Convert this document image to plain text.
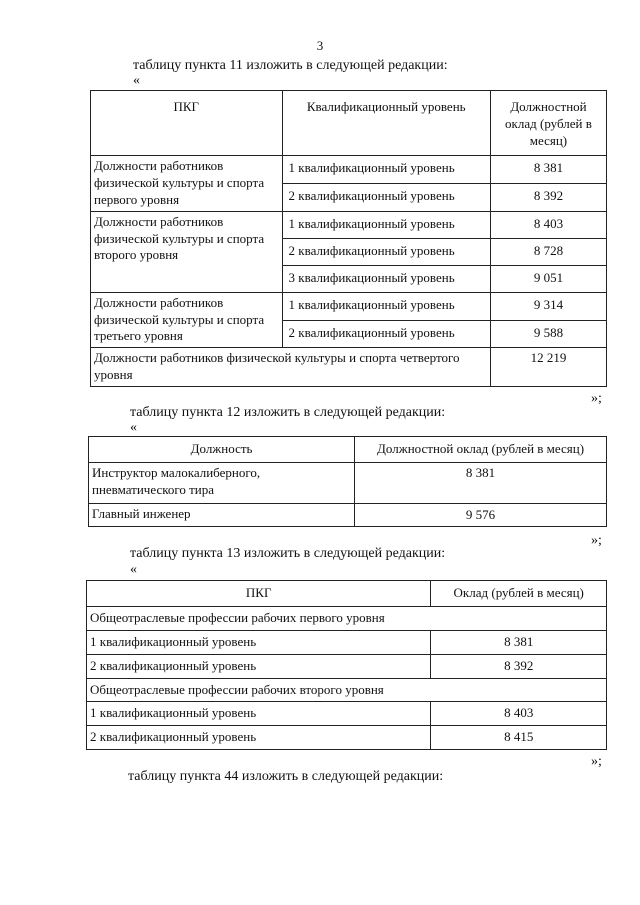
3
таблицу пункта 11 изложить в следующей редакции:
«
ПКГ	Квалификационный уровень	Должностной оклад (рублей в месяц)
Должности работников физической культуры и спорта первого уровня	1 квалификационный уровень	8 381
	2 квалификационный уровень	8 392
Должности работников физической культуры и спорта второго уровня	1 квалификационный уровень	8 403
	2 квалификационный уровень	8 728
	3 квалификационный уровень	9 051
Должности работников физической культуры и спорта третьего уровня	1 квалификационный уровень	9 314
	2 квалификационный уровень	9 588
Должности работников физической культуры и спорта четвертого уровня		12 219
»;
таблицу пункта 12 изложить в следующей редакции:
«
Должность	Должностной оклад (рублей в месяц)
Инструктор малокалиберного, пневматического тира	8 381
Главный инженер	9 576
»;
таблицу пункта 13 изложить в следующей редакции:
«
ПКГ	Оклад (рублей в месяц)
Общеотраслевые профессии рабочих первого уровня	
1 квалификационный уровень	8 381
2 квалификационный уровень	8 392
Общеотраслевые профессии рабочих второго уровня	
1 квалификационный уровень	8 403
2 квалификационный уровень	8 415
»;
таблицу пункта 44 изложить в следующей редакции:
